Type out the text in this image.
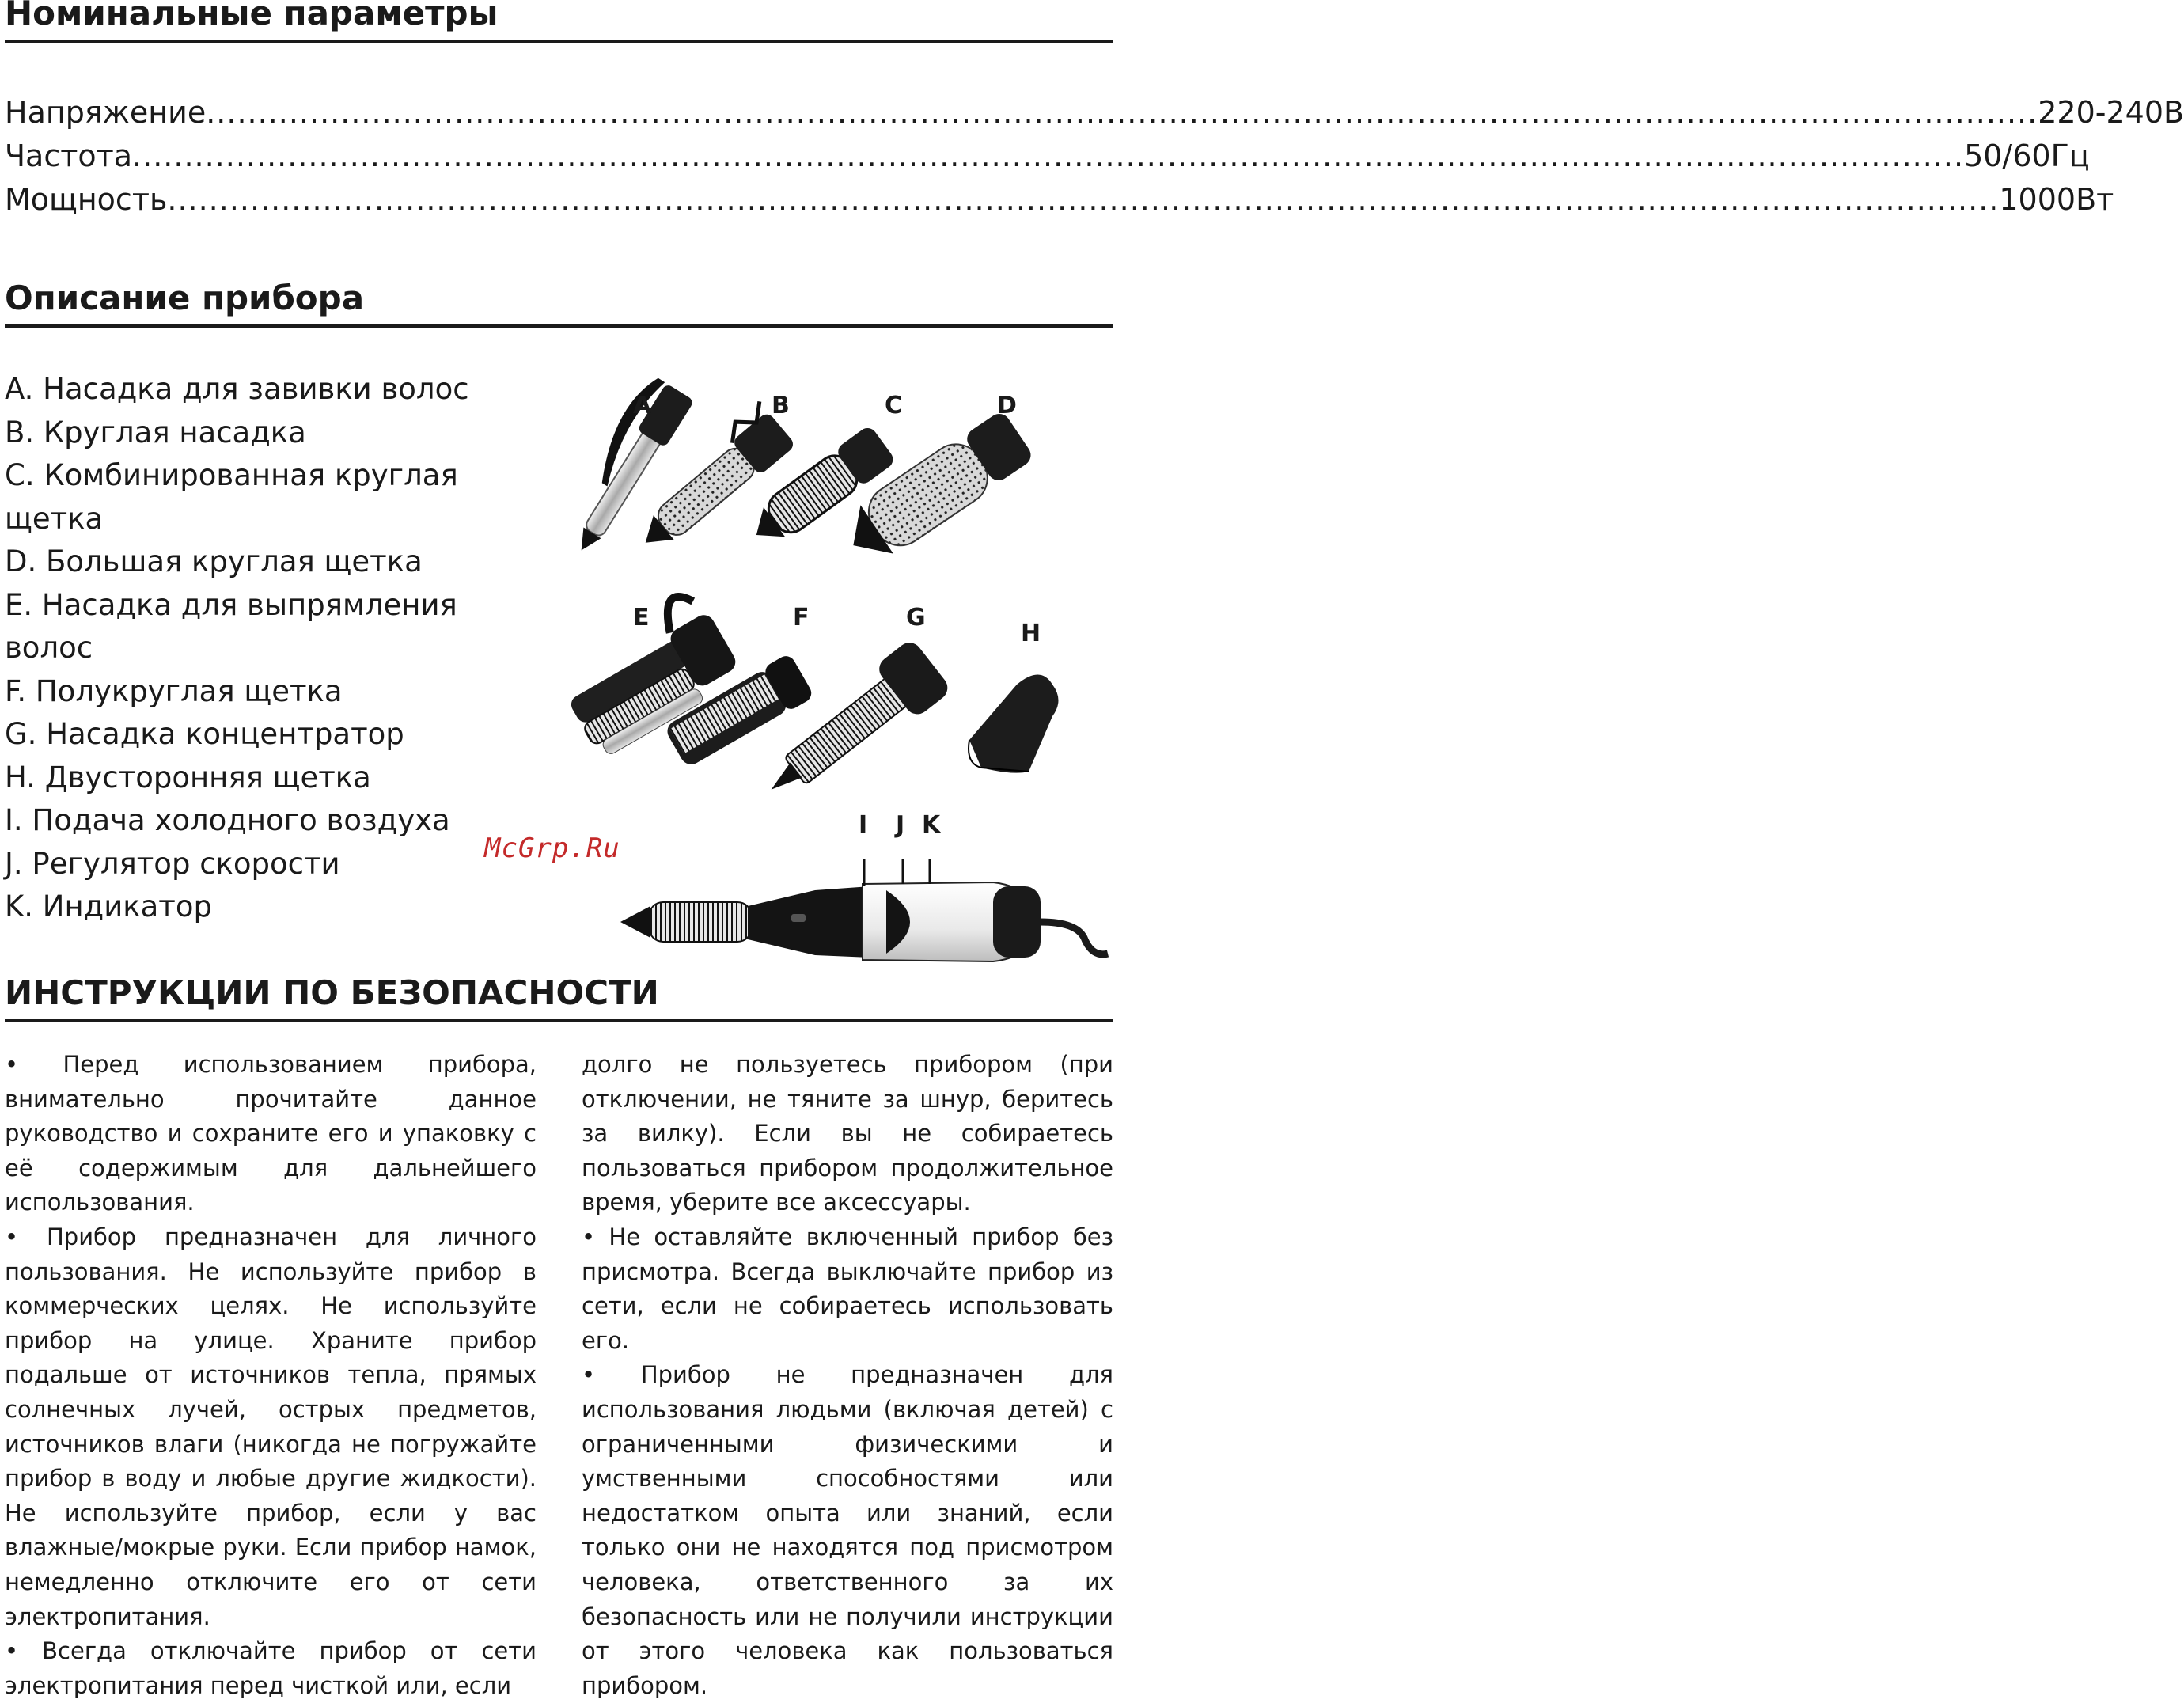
Номинальные параметры
Напряжение ................................................................................................................................................................................. 220-240В
Частота ................................................................................................................................................................................. 50/60Гц
Мощность ................................................................................................................................................................................. 1000Вт
Описание прибора
A. Насадка для завивки волос
B. Круглая насадка
C. Комбинированная круглая
щетка
D. Большая круглая щетка
E. Насадка для выпрямления
волос
F. Полукруглая щетка
G. Насадка концентратор
H. Двусторонняя щетка
I. Подача холодного воздуха
J. Регулятор скорости
K. Индикатор
A	B	C	D
E	F	G
H
I J K
McGrp.Ru
ИНСТРУКЦИИ ПО БЕЗОПАСНОСТИ

• Перед использованием прибора, внимательно прочитайте данное руководство и сохраните его и упаковку с её содержимым для дальнейшего использования.

• Прибор предназначен для личного пользования. Не используйте прибор в коммерческих целях. Не используйте прибор на улице. Храните прибор подальше от источников тепла, прямых солнечных лучей, острых предметов, источников влаги (никогда не погружайте прибор в воду и любые другие жидкости). Не используйте прибор, если у вас влажные/мокрые руки. Если прибор намок, немедленно отключите его от сети электропитания.

• Всегда отключайте прибор от сети электропитания перед чисткой или, если

долго не пользуетесь прибором (при отключении, не тяните за шнур, беритесь за вилку). Если вы не собираетесь пользоваться прибором продолжительное время, уберите все аксессуары.

• Не оставляйте включенный прибор без присмотра. Всегда выключайте прибор из сети, если не собираетесь использовать его.

• Прибор не предназначен для использования людьми (включая детей) с ограниченными физическими и умственными способностями или недостатком опыта или знаний, если только они не находятся под присмотром человека, ответственного за их безопасность или не получили инструкции от этого человека как пользоваться прибором.
